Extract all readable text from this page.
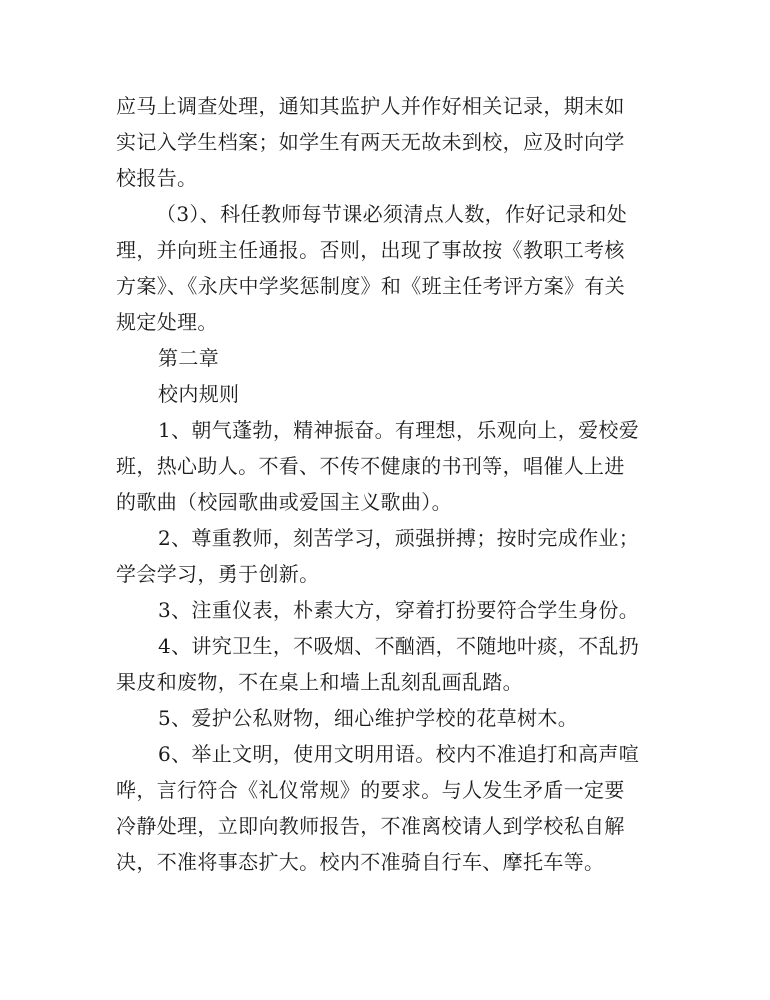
应马上调查处理，通知其监护人并作好相关记录，期末如
实记入学生档案；如学生有两天无故未到校，应及时向学
校报告。
（3）、科任教师每节课必须清点人数，作好记录和处
理，并向班主任通报。否则，出现了事故按《教职工考核
方案》、《永庆中学奖惩制度》和《班主任考评方案》有关
规定处理。
第二章
校内规则
1、朝气蓬勃，精神振奋。有理想，乐观向上，爱校爱
班，热心助人。不看、不传不健康的书刊等，唱催人上进
的歌曲（校园歌曲或爱国主义歌曲）。
2、尊重教师，刻苦学习，顽强拼搏；按时完成作业；
学会学习，勇于创新。
3、注重仪表，朴素大方，穿着打扮要符合学生身份。
4、讲究卫生，不吸烟、不酗酒，不随地叶痰，不乱扔
果皮和废物，不在桌上和墙上乱刻乱画乱踏。
5、爱护公私财物，细心维护学校的花草树木。
6、举止文明，使用文明用语。校内不准追打和高声喧
哗，言行符合《礼仪常规》的要求。与人发生矛盾一定要
冷静处理，立即向教师报告，不准离校请人到学校私自解
决，不准将事态扩大。校内不准骑自行车、摩托车等。
